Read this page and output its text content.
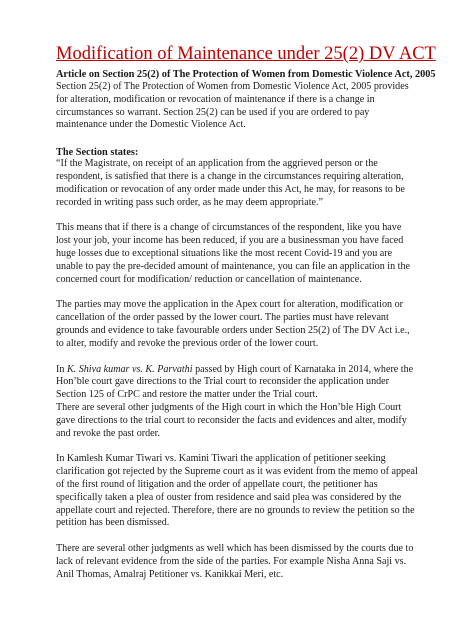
Modification of Maintenance under 25(2) DV ACT
Article on Section 25(2) of The Protection of Women from Domestic Violence Act, 2005

Section 25(2) of The Protection of Women from Domestic Violence Act, 2005 provides for alteration, modification or revocation of maintenance if there is a change in circumstances so warrant. Section 25(2) can be used if you are ordered to pay maintenance under the Domestic Violence Act.

The Section states:

“If the Magistrate, on receipt of an application from the aggrieved person or the respondent, is satisfied that there is a change in the circumstances requiring alteration, modification or revocation of any order made under this Act, he may, for reasons to be recorded in writing pass such order, as he may deem appropriate.”

This means that if there is a change of circumstances of the respondent, like you have lost your job, your income has been reduced, if you are a businessman you have faced huge losses due to exceptional situations like the most recent Covid-19 and you are unable to pay the pre-decided amount of maintenance, you can file an application in the concerned court for modification/ reduction or cancellation of maintenance.

The parties may move the application in the Apex court for alteration, modification or cancellation of the order passed by the lower court. The parties must have relevant grounds and evidence to take favourable orders under Section 25(2) of The DV Act i.e., to alter, modify and revoke the previous order of the lower court.

In K. Shiva kumar vs. K. Parvathi passed by High court of Karnataka in 2014, where the Hon’ble court gave directions to the Trial court to reconsider the application under Section 125 of CrPC and restore the matter under the Trial court.

There are several other judgments of the High court in which the Hon’ble High Court gave directions to the trial court to reconsider the facts and evidences and alter, modify and revoke the past order.

In Kamlesh Kumar Tiwari vs. Kamini Tiwari the application of petitioner seeking clarification got rejected by the Supreme court as it was evident from the memo of appeal of the first round of litigation and the order of appellate court, the petitioner has specifically taken a plea of ouster from residence and said plea was considered by the appellate court and rejected. Therefore, there are no grounds to review the petition so the petition has been dismissed.

There are several other judgments as well which has been dismissed by the courts due to lack of relevant evidence from the side of the parties. For example Nisha Anna Saji vs. Anil Thomas, Amalraj Petitioner vs. Kanikkai Meri, etc.
